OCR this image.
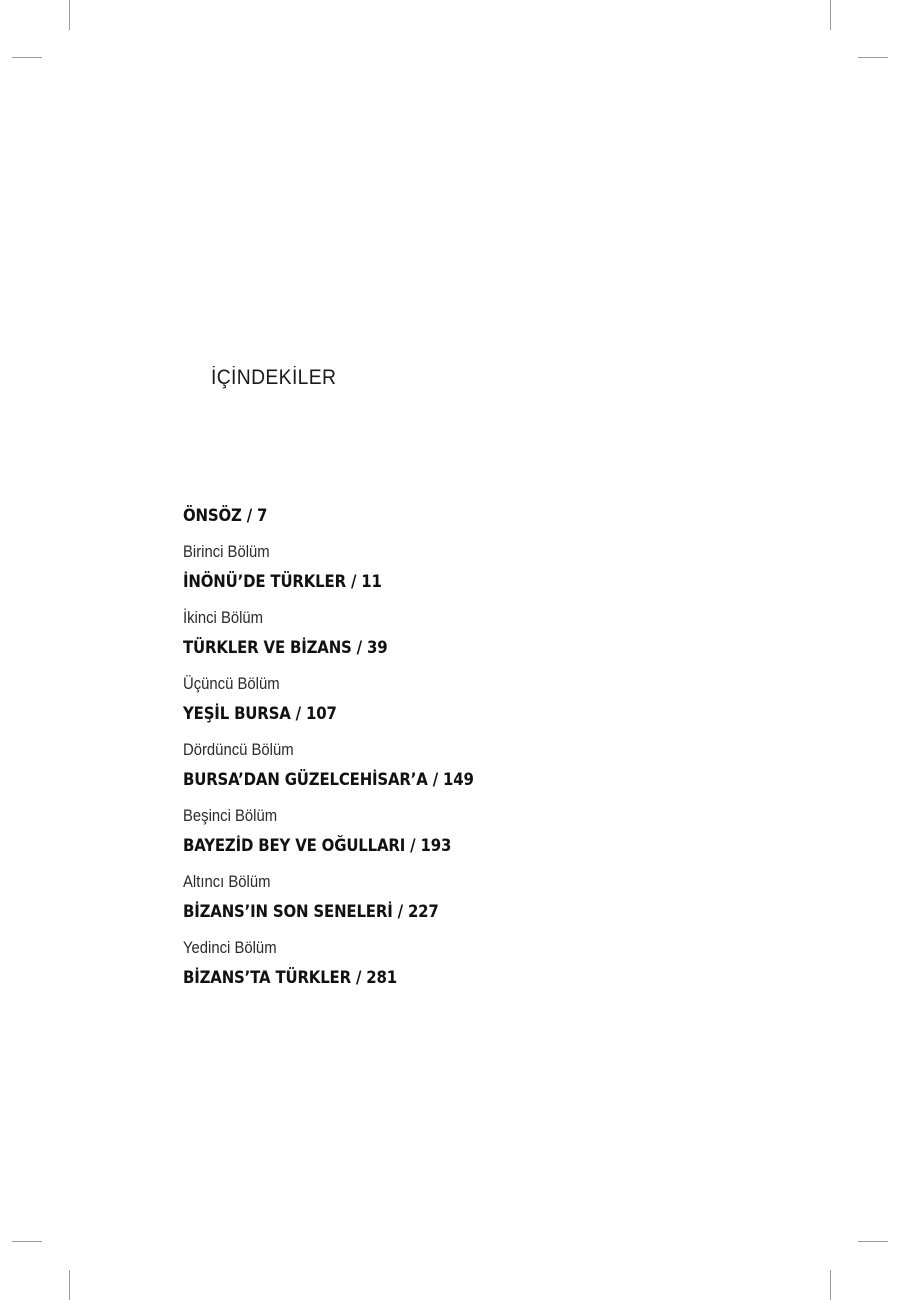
İÇİNDEKİLER
ÖNSÖZ / 7
Birinci Bölüm
İNÖNÜ’DE TÜRKLER / 11
İkinci Bölüm
TÜRKLER VE BİZANS / 39
Üçüncü Bölüm
YEŞİL BURSA / 107
Dördüncü Bölüm
BURSA’DAN GÜZELCEHİSAR’A / 149
Beşinci Bölüm
BAYEZİD BEY VE OĞULLARI / 193
Altıncı Bölüm
BİZANS’IN SON SENELERİ / 227
Yedinci Bölüm
BİZANS’TA TÜRKLER / 281
